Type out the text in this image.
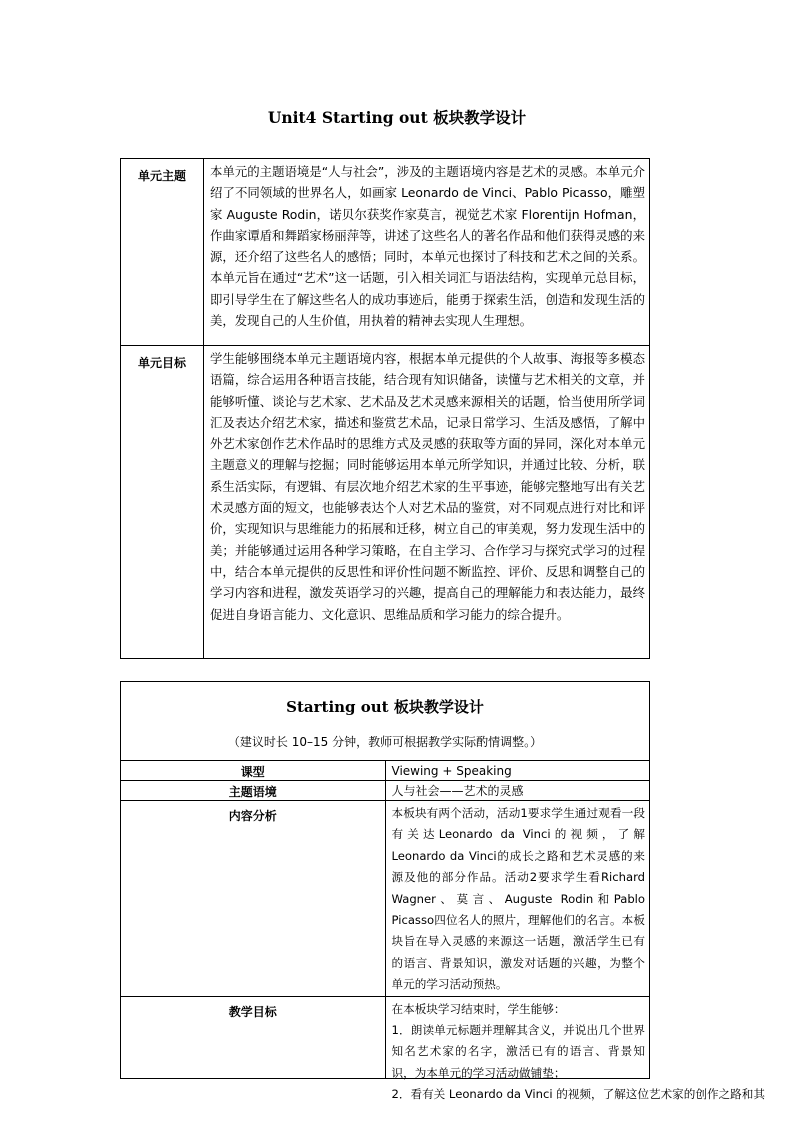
Unit4 Starting out 板块教学设计
单元主题	本单元的主题语境是“人与社会”，涉及的主题语境内容是艺术的灵感。本单元介绍了不同领域的世界名人，如画家 Leonardo de Vinci、Pablo Picasso，雕塑家 Auguste Rodin，诺贝尔获奖作家莫言，视觉艺术家 Florentijn Hofman，作曲家谭盾和舞蹈家杨丽萍等，讲述了这些名人的著名作品和他们获得灵感的来源，还介绍了这些名人的感悟；同时，本单元也探讨了科技和艺术之间的关系。本单元旨在通过“艺术”这一话题，引入相关词汇与语法结构，实现单元总目标，即引导学生在了解这些名人的成功事迹后，能勇于探索生活，创造和发现生活的美，发现自己的人生价值，用执着的精神去实现人生理想。

单元目标	学生能够围绕本单元主题语境内容，根据本单元提供的个人故事、海报等多模态语篇，综合运用各种语言技能，结合现有知识储备，读懂与艺术相关的文章，并能够听懂、谈论与艺术家、艺术品及艺术灵感来源相关的话题，恰当使用所学词汇及表达介绍艺术家，描述和鉴赏艺术品，记录日常学习、生活及感悟，了解中外艺术家创作艺术作品时的思维方式及灵感的获取等方面的异同，深化对本单元主题意义的理解与挖掘；同时能够运用本单元所学知识，并通过比较、分析，联系生活实际，有逻辑、有层次地介绍艺术家的生平事迹，能够完整地写出有关艺术灵感方面的短文，也能够表达个人对艺术品的鉴赏，对不同观点进行对比和评价，实现知识与思维能力的拓展和迁移，树立自己的审美观，努力发现生活中的美；并能够通过运用各种学习策略，在自主学习、合作学习与探究式学习的过程中，结合本单元提供的反思性和评价性问题不断监控、评价、反思和调整自己的学习内容和进程，激发英语学习的兴趣，提高自己的理解能力和表达能力，最终促进自身语言能力、文化意识、思维品质和学习能力的综合提升。

Starting out 板块教学设计
（建议时长 10–15 分钟，教师可根据教学实际酌情调整。）	

课型	Viewing + Speaking

主题语境	人与社会——艺术的灵感

内容分析	本板块有两个活动，活动1要求学生通过观看一段有关达Leonardo da Vinci的视频，了解Leonardo da Vinci的成长之路和艺术灵感的来源及他的部分作品。活动2要求学生看Richard Wagner、莫言、Auguste Rodin和Pablo Picasso四位名人的照片，理解他们的名言。本板块旨在导入灵感的来源这一话题，激活学生已有的语言、背景知识，激发对话题的兴趣，为整个单元的学习活动预热。

教学目标	在本板块学习结束时，学生能够：

1．朗读单元标题并理解其含义，并说出几个世界知名艺术家的名字，激活已有的语言、背景知识，为本单元的学习活动做铺垫；

2．看有关 Leonardo da Vinci 的视频，了解这位艺术家的创作之路和其
